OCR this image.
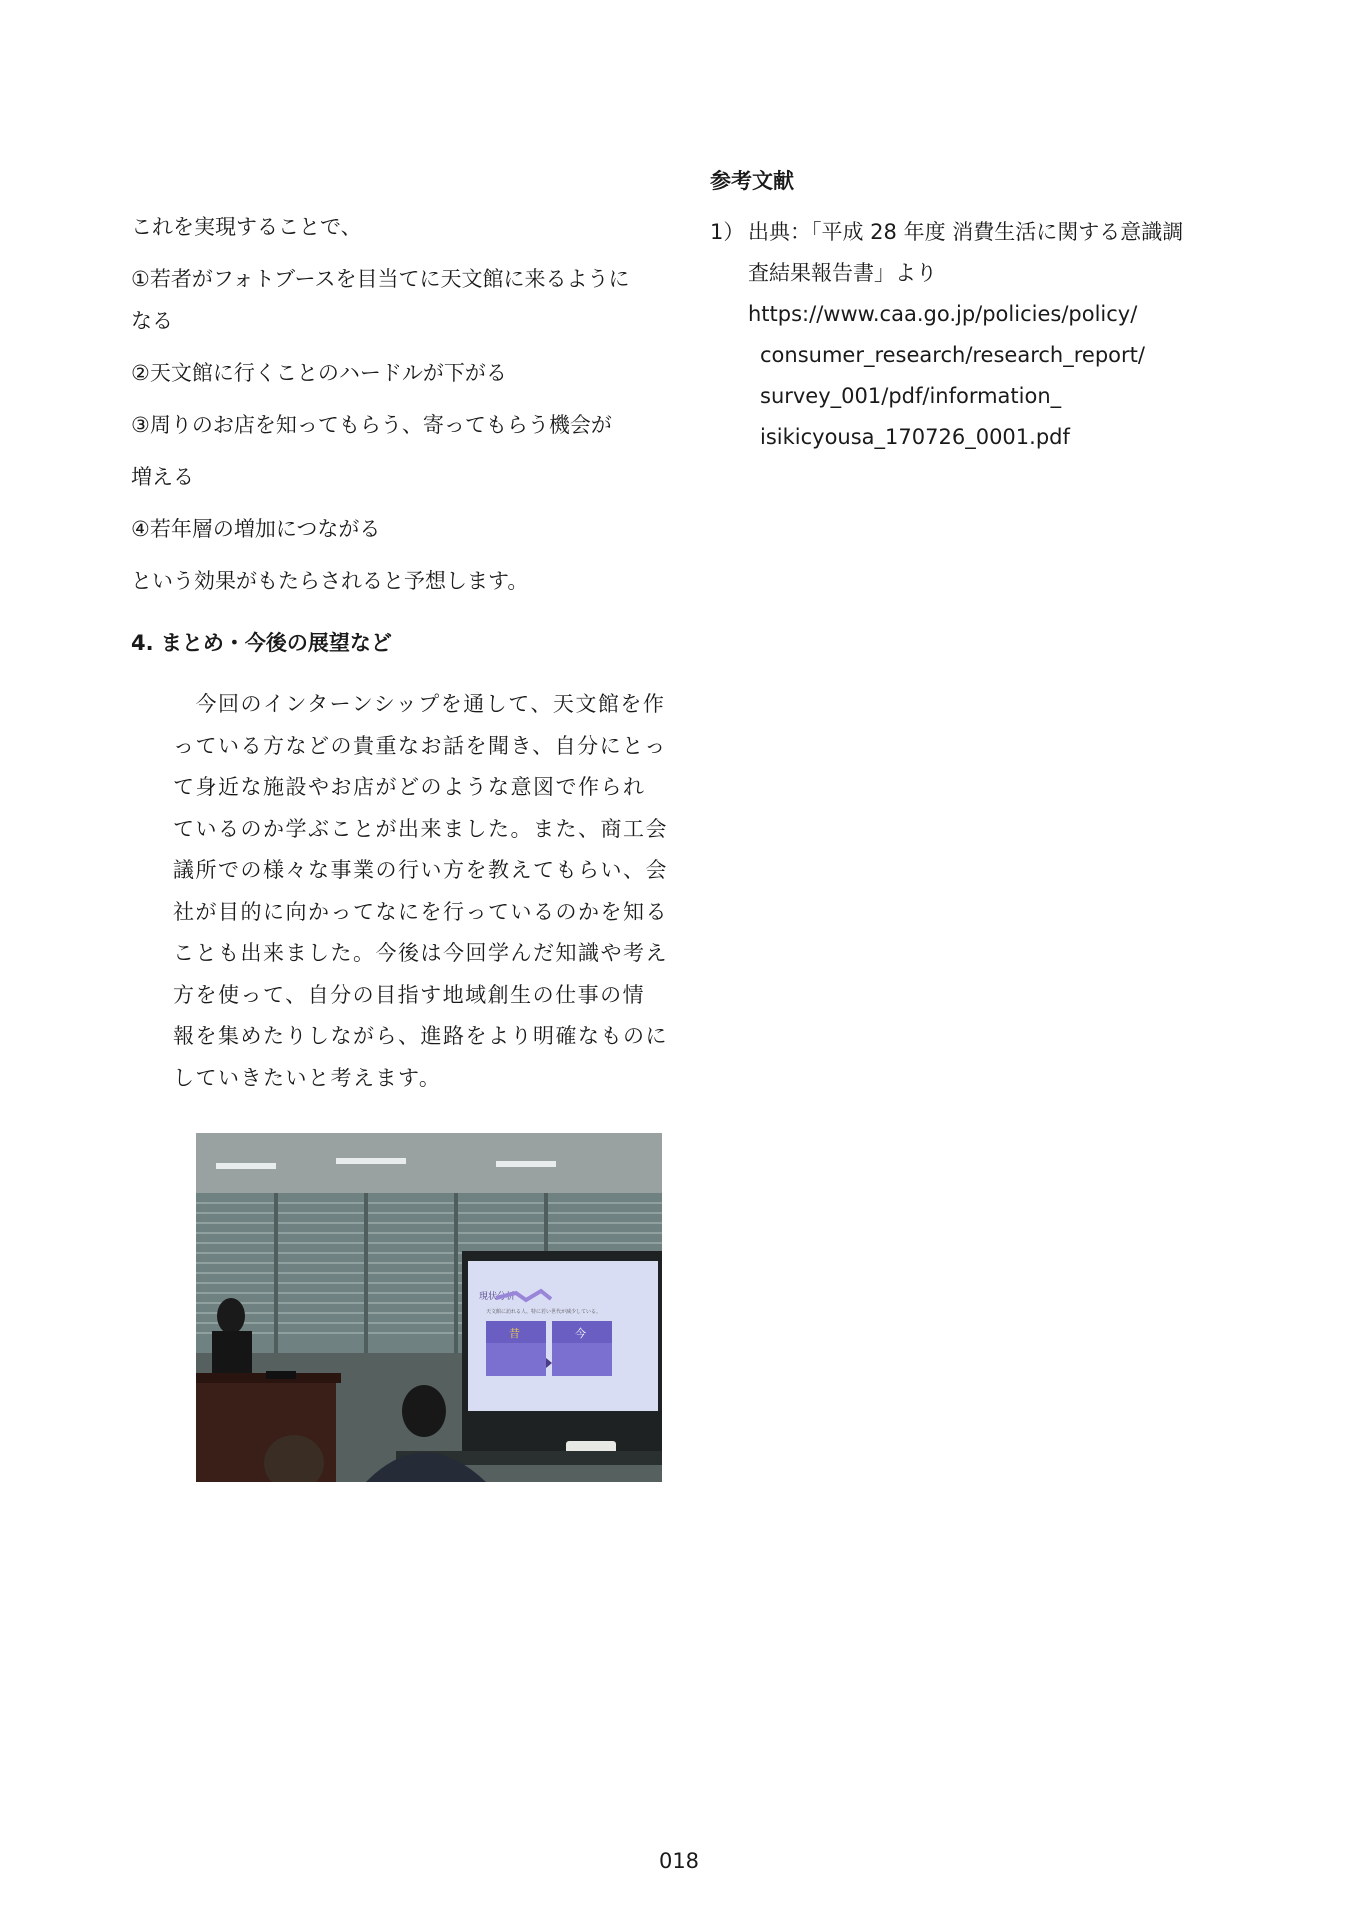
これを実現することで、

①若者がフォトブースを目当てに天文館に来るように

なる

②天文館に行くことのハードルが下がる

③周りのお店を知ってもらう、寄ってもらう機会が

増える

④若年層の増加につながる

という効果がもたらされると予想します。

4. まとめ・今後の展望など

　今回のインターンシップを通して、天文館を作

っている方などの貴重なお話を聞き、自分にとっ

て身近な施設やお店がどのような意図で作られ

ているのか学ぶことが出来ました。また、商工会

議所での様々な事業の行い方を教えてもらい、会

社が目的に向かってなにを行っているのかを知る

ことも出来ました。今後は今回学んだ知識や考え

方を使って、自分の目指す地域創生の仕事の情

報を集めたりしながら、進路をより明確なものに

していきたいと考えます。

現状分析
天文館に訪れる人、特に若い世代が減少している。
昔	今

参考文献

1） 出典：「平成 28 年度 消費生活に関する意識調

査結果報告書」より

https://www.caa.go.jp/policies/policy/

consumer_research/research_report/

survey_001/pdf/information_

isikicyousa_170726_0001.pdf

018
